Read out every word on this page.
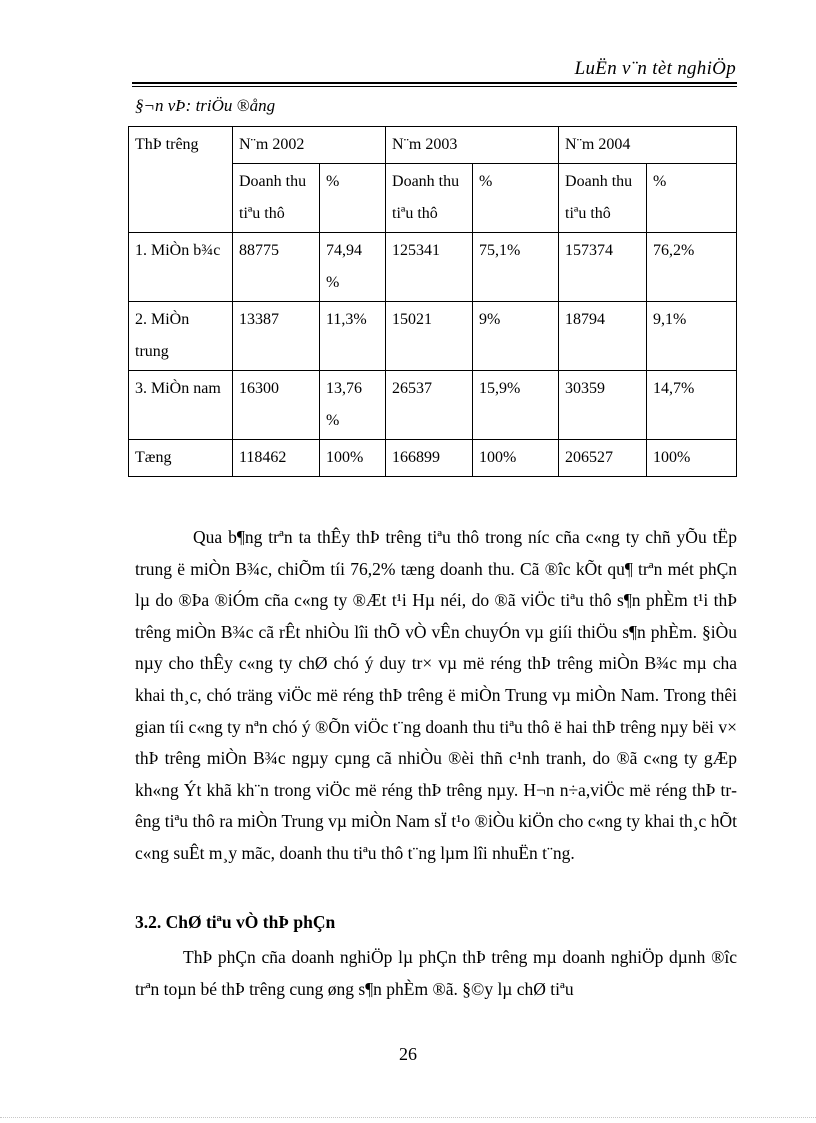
LuËn v¨n tèt nghiÖp
§¬n vÞ: triÖu ®ång
ThÞ trêng	N¨m 2002		N¨m 2003		N¨m 2004	
	Doanh thu tiªu thô	%	Doanh thu tiªu thô	%	Doanh thu tiªu thô	%
1. MiÒn b¾c	88775	74,94 %	125341	75,1%	157374	76,2%
2. MiÒn trung	13387	11,3%	15021	9%	18794	9,1%
3. MiÒn nam	16300	13,76 %	26537	15,9%	30359	14,7%
Tæng	118462	100%	166899	100%	206527	100%

Qua b¶ng trªn ta thÊy thÞ trêng tiªu thô trong níc cña c«ng ty chñ yÕu tËp trung ë miÒn B¾c, chiÕm tíi 76,2% tæng doanh thu. Cã ®îc kÕt qu¶ trªn mét phÇn lµ do ®Þa ®iÓm cña c«ng ty ®Æt t¹i Hµ néi, do ®ã viÖc tiªu thô s¶n phÈm t¹i thÞ trêng miÒn B¾c cã rÊt nhiÒu lîi thÕ vÒ vÊn chuyÓn vµ giíi thiÖu s¶n phÈm. §iÒu nµy cho thÊy c«ng ty chØ chó ý duy tr× vµ më réng thÞ trêng miÒn B¾c mµ cha khai th¸c, chó träng viÖc më réng thÞ trêng ë miÒn Trung vµ miÒn Nam. Trong thêi gian tíi c«ng ty nªn chó ý ®Õn viÖc t¨ng doanh thu tiªu thô ë hai thÞ trêng nµy bëi v× thÞ trêng miÒn B¾c ngµy cµng cã nhiÒu ®èi thñ c¹nh tranh, do ®ã c«ng ty gÆp kh«ng Ýt khã kh¨n trong viÖc më réng thÞ trêng nµy. H¬n n÷a,viÖc më réng thÞ trêng tiªu thô ra miÒn Trung vµ miÒn Nam sÏ t¹o ®iÒu kiÖn cho c«ng ty khai th¸c hÕt c«ng suÊt m¸y mãc, doanh thu tiªu thô t¨ng lµm lîi nhuËn t¨ng.

3.2. ChØ tiªu vÒ thÞ phÇn

ThÞ phÇn cña doanh nghiÖp lµ phÇn thÞ trêng mµ doanh nghiÖp dµnh ®îc trªn toµn bé thÞ trêng cung øng s¶n phÈm ®ã. §©y lµ chØ tiªu

26
